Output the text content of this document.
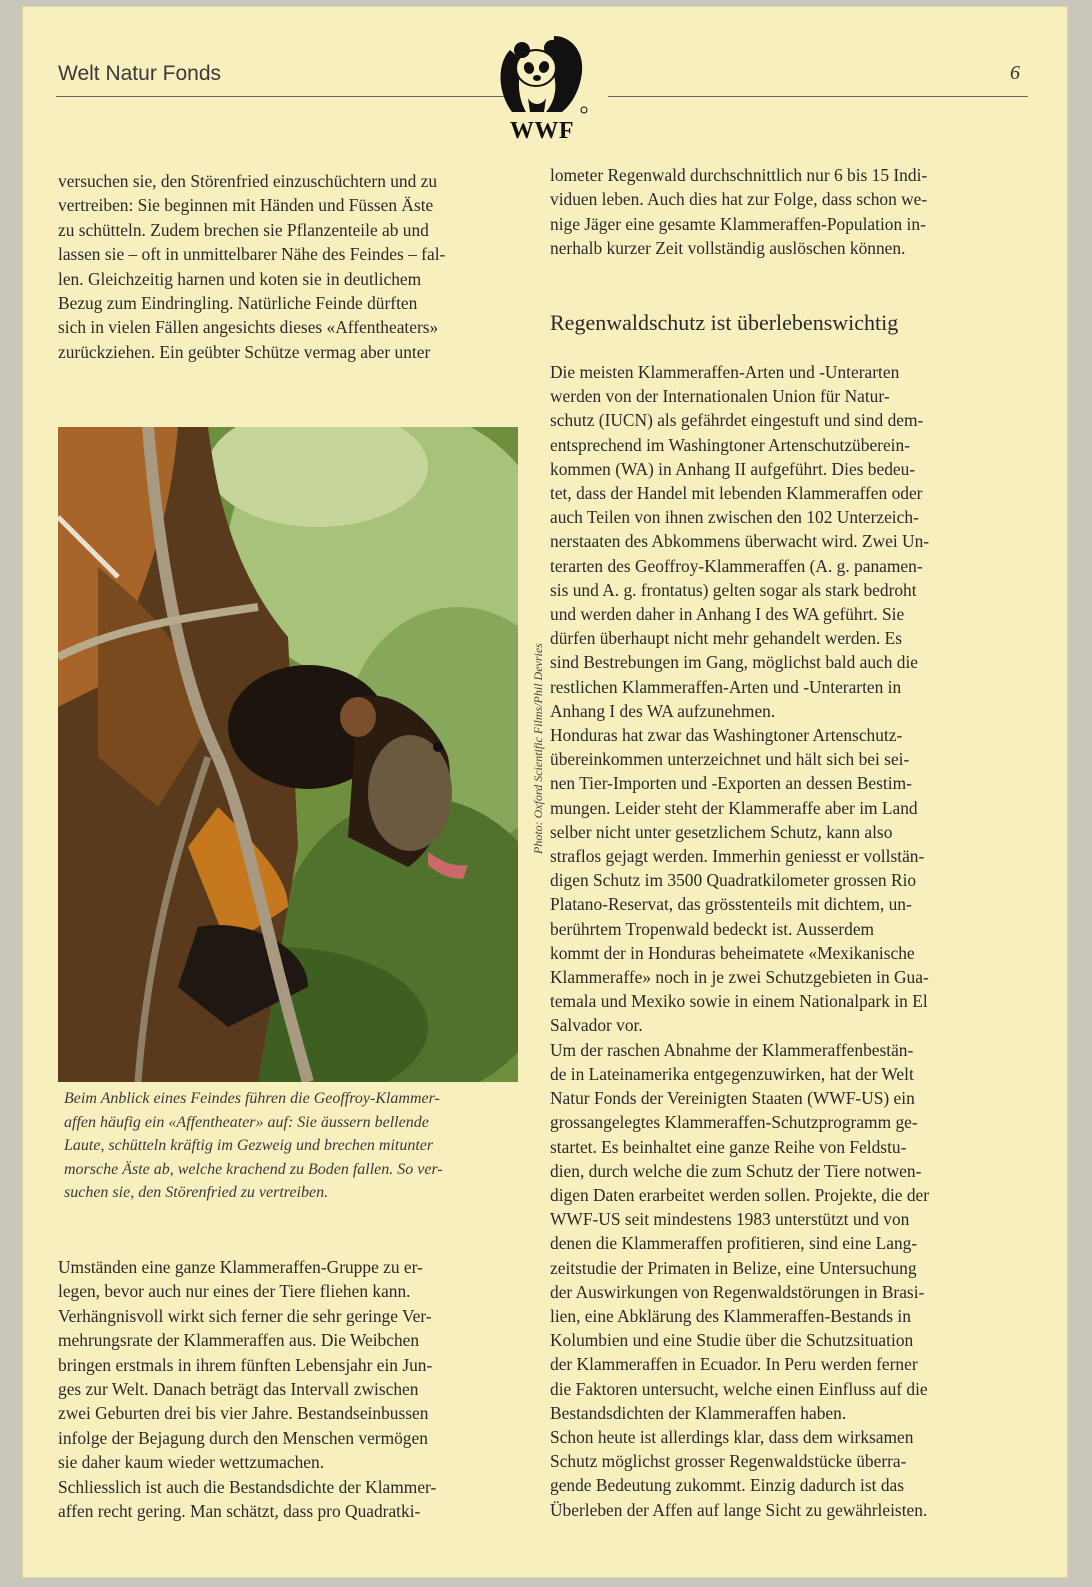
Welt Natur Fonds	6
WWF

versuchen sie, den Störenfried einzuschüchtern und zu
vertreiben: Sie beginnen mit Händen und Füssen Äste
zu schütteln. Zudem brechen sie Pflanzenteile ab und
lassen sie – oft in unmittelbarer Nähe des Feindes – fal-
len. Gleichzeitig harnen und koten sie in deutlichem
Bezug zum Eindringling. Natürliche Feinde dürften
sich in vielen Fällen angesichts dieses «Affentheaters»
zurückziehen. Ein geübter Schütze vermag aber unter

Photo: Oxford Scientific Films/Phil Devries

Beim Anblick eines Feindes führen die Geoffroy-Klammer-
affen häufig ein «Affentheater» auf: Sie äussern bellende
Laute, schütteln kräftig im Gezweig und brechen mitunter
morsche Äste ab, welche krachend zu Boden fallen. So ver-
suchen sie, den Störenfried zu vertreiben.

Umständen eine ganze Klammeraffen-Gruppe zu er-
legen, bevor auch nur eines der Tiere fliehen kann.
Verhängnisvoll wirkt sich ferner die sehr geringe Ver-
mehrungsrate der Klammeraffen aus. Die Weibchen
bringen erstmals in ihrem fünften Lebensjahr ein Jun-
ges zur Welt. Danach beträgt das Intervall zwischen
zwei Geburten drei bis vier Jahre. Bestandseinbussen
infolge der Bejagung durch den Menschen vermögen
sie daher kaum wieder wettzumachen.
Schliesslich ist auch die Bestandsdichte der Klammer-
affen recht gering. Man schätzt, dass pro Quadratki-

lometer Regenwald durchschnittlich nur 6 bis 15 Indi-
viduen leben. Auch dies hat zur Folge, dass schon we-
nige Jäger eine gesamte Klammeraffen-Population in-
nerhalb kurzer Zeit vollständig auslöschen können.

Regenwaldschutz ist überlebenswichtig

Die meisten Klammeraffen-Arten und -Unterarten
werden von der Internationalen Union für Natur-
schutz (IUCN) als gefährdet eingestuft und sind dem-
entsprechend im Washingtoner Artenschutzüberein-
kommen (WA) in Anhang II aufgeführt. Dies bedeu-
tet, dass der Handel mit lebenden Klammeraffen oder
auch Teilen von ihnen zwischen den 102 Unterzeich-
nerstaaten des Abkommens überwacht wird. Zwei Un-
terarten des Geoffroy-Klammeraffen (A. g. panamen-
sis und A. g. frontatus) gelten sogar als stark bedroht
und werden daher in Anhang I des WA geführt. Sie
dürfen überhaupt nicht mehr gehandelt werden. Es
sind Bestrebungen im Gang, möglichst bald auch die
restlichen Klammeraffen-Arten und -Unterarten in
Anhang I des WA aufzunehmen.
Honduras hat zwar das Washingtoner Artenschutz-
übereinkommen unterzeichnet und hält sich bei sei-
nen Tier-Importen und -Exporten an dessen Bestim-
mungen. Leider steht der Klammeraffe aber im Land
selber nicht unter gesetzlichem Schutz, kann also
straflos gejagt werden. Immerhin geniesst er vollstän-
digen Schutz im 3500 Quadratkilometer grossen Rio
Platano-Reservat, das grösstenteils mit dichtem, un-
berührtem Tropenwald bedeckt ist. Ausserdem
kommt der in Honduras beheimatete «Mexikanische
Klammeraffe» noch in je zwei Schutzgebieten in Gua-
temala und Mexiko sowie in einem Nationalpark in El
Salvador vor.
Um der raschen Abnahme der Klammeraffenbestän-
de in Lateinamerika entgegenzuwirken, hat der Welt
Natur Fonds der Vereinigten Staaten (WWF-US) ein
grossangelegtes Klammeraffen-Schutzprogramm ge-
startet. Es beinhaltet eine ganze Reihe von Feldstu-
dien, durch welche die zum Schutz der Tiere notwen-
digen Daten erarbeitet werden sollen. Projekte, die der
WWF-US seit mindestens 1983 unterstützt und von
denen die Klammeraffen profitieren, sind eine Lang-
zeitstudie der Primaten in Belize, eine Untersuchung
der Auswirkungen von Regenwaldstörungen in Brasi-
lien, eine Abklärung des Klammeraffen-Bestands in
Kolumbien und eine Studie über die Schutzsituation
der Klammeraffen in Ecuador. In Peru werden ferner
die Faktoren untersucht, welche einen Einfluss auf die
Bestandsdichten der Klammeraffen haben.
Schon heute ist allerdings klar, dass dem wirksamen
Schutz möglichst grosser Regenwaldstücke überra-
gende Bedeutung zukommt. Einzig dadurch ist das
Überleben der Affen auf lange Sicht zu gewährleisten.
